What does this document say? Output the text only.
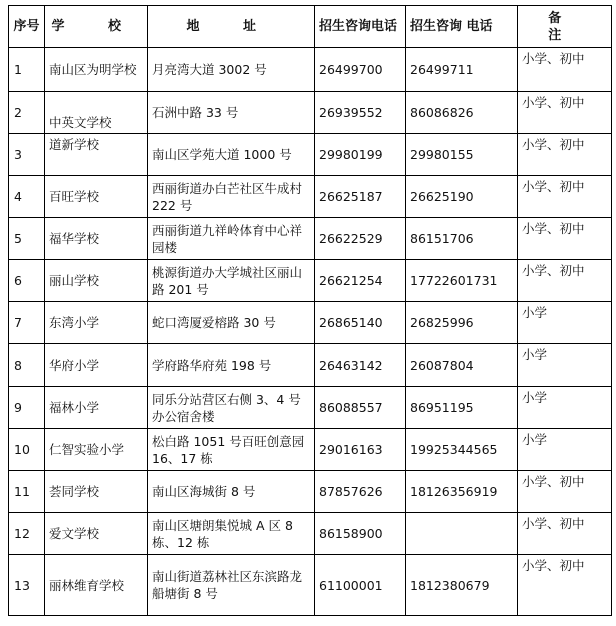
序号	学 校	地 址	招生咨询电话	招生咨询 电话	备 注
1	南山区为明学校	月亮湾大道 3002 号	26499700	26499711	小学、初中
2	中英文学校	石洲中路 33 号	26939552	86086826	小学、初中
3	道新学校	南山区学苑大道 1000 号	29980199	29980155	小学、初中
4	百旺学校	西丽街道办白芒社区牛成村 222 号	26625187	26625190	小学、初中
5	福华学校	西丽街道九祥岭体育中心祥园楼	26622529	86151706	小学、初中
6	丽山学校	桃源街道办大学城社区丽山路 201 号	26621254	17722601731	小学、初中
7	东湾小学	蛇口湾厦爱榕路 30 号	26865140	26825996	小学
8	华府小学	学府路华府苑 198 号	26463142	26087804	小学
9	福林小学	同乐分站营区右侧 3、4 号办公宿舍楼	86088557	86951195	小学
10	仁智实验小学	松白路 1051 号百旺创意园 16、17 栋	29016163	19925344565	小学
11	荟同学校	南山区海城街 8 号	87857626	18126356919	小学、初中
12	爱文学校	南山区塘朗集悦城 A 区 8 栋、12 栋	86158900		小学、初中
13	丽林维育学校	南山街道荔林社区东滨路龙船塘街 8 号	61100001	1812380679	小学、初中
